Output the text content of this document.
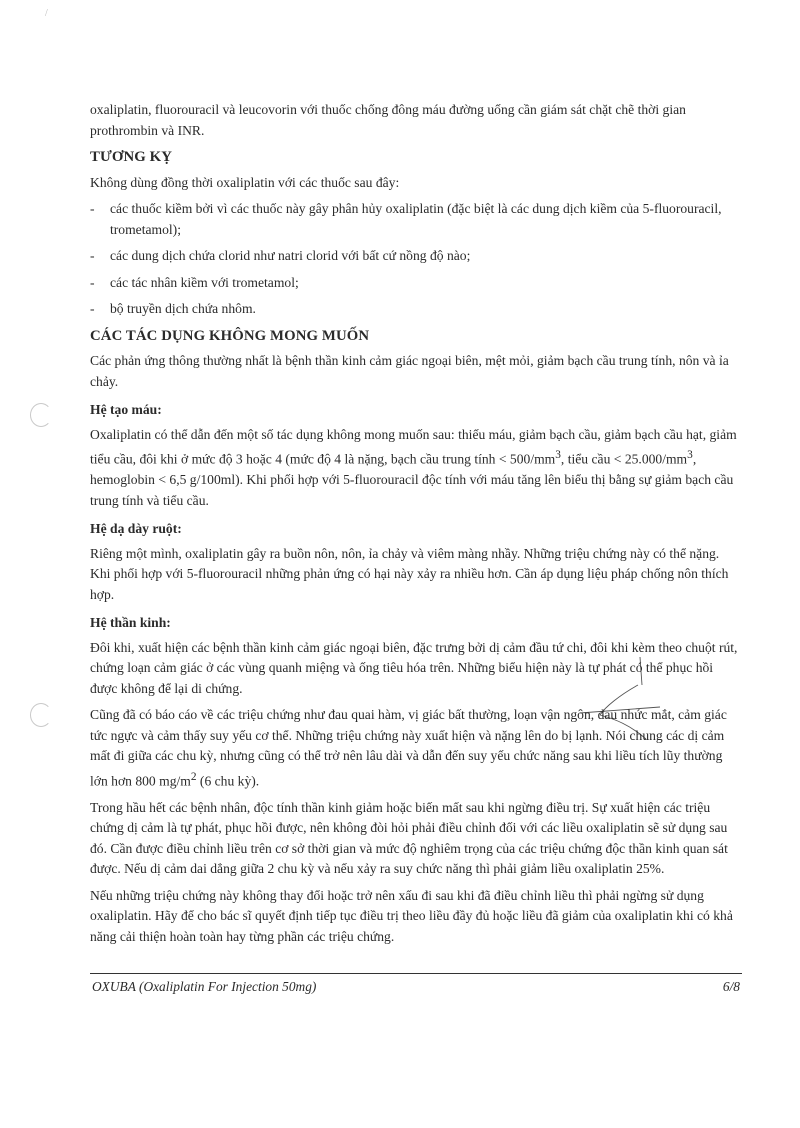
/

oxaliplatin, fluorouracil và leucovorin với thuốc chống đông máu đường uống cần giám sát chặt chẽ thời gian prothrombin và INR.

TƯƠNG KỴ

Không dùng đồng thời oxaliplatin với các thuốc sau đây:

- các thuốc kiềm bởi vì các thuốc này gây phân hủy oxaliplatin (đặc biệt là các dung dịch kiềm của 5-fluorouracil, trometamol);
- các dung dịch chứa clorid như natri clorid với bất cứ nồng độ nào;
- các tác nhân kiềm với trometamol;
- bộ truyền dịch chứa nhôm.
CÁC TÁC DỤNG KHÔNG MONG MUỐN

Các phản ứng thông thường nhất là bệnh thần kinh cảm giác ngoại biên, mệt mỏi, giảm bạch cầu trung tính, nôn và ỉa chảy.

Hệ tạo máu:

Oxaliplatin có thể dẫn đến một số tác dụng không mong muốn sau: thiếu máu, giảm bạch cầu, giảm bạch cầu hạt, giảm tiểu cầu, đôi khi ở mức độ 3 hoặc 4 (mức độ 4 là nặng, bạch cầu trung tính < $500/mm^3$, tiểu cầu < $25.000/mm^3$, hemoglobin < 6,5 g/100ml). Khi phối hợp với 5-fluorouracil độc tính với máu tăng lên biểu thị bằng sự giảm bạch cầu trung tính và tiểu cầu.

Hệ dạ dày ruột:

Riêng một mình, oxaliplatin gây ra buồn nôn, nôn, ỉa chảy và viêm màng nhầy. Những triệu chứng này có thể nặng. Khi phối hợp với 5-fluorouracil những phản ứng có hại này xảy ra nhiều hơn. Cần áp dụng liệu pháp chống nôn thích hợp.

Hệ thần kinh:

Đôi khi, xuất hiện các bệnh thần kinh cảm giác ngoại biên, đặc trưng bởi dị cảm đầu tứ chi, đôi khi kèm theo chuột rút, chứng loạn cảm giác ở các vùng quanh miệng và ống tiêu hóa trên. Những biểu hiện này là tự phát có thể phục hồi được không để lại di chứng.

Cũng đã có báo cáo về các triệu chứng như đau quai hàm, vị giác bất thường, loạn vận ngôn, đau nhức mắt, cảm giác tức ngực và cảm thấy suy yếu cơ thể. Những triệu chứng này xuất hiện và nặng lên do bị lạnh. Nói chung các dị cảm mất đi giữa các chu kỳ, nhưng cũng có thể trở nên lâu dài và dẫn đến suy yếu chức năng sau khi liều tích lũy thường lớn hơn 800 $mg/m^2$ (6 chu kỳ).

Trong hầu hết các bệnh nhân, độc tính thần kinh giảm hoặc biến mất sau khi ngừng điều trị. Sự xuất hiện các triệu chứng dị cảm là tự phát, phục hồi được, nên không đòi hỏi phải điều chỉnh đối với các liều oxaliplatin sẽ sử dụng sau đó. Cần được điều chỉnh liều trên cơ sở thời gian và mức độ nghiêm trọng của các triệu chứng độc thần kinh quan sát được. Nếu dị cảm dai dẳng giữa 2 chu kỳ và nếu xảy ra suy chức năng thì phải giảm liều oxaliplatin 25%.

Nếu những triệu chứng này không thay đổi hoặc trở nên xấu đi sau khi đã điều chỉnh liều thì phải ngừng sử dụng oxaliplatin. Hãy để cho bác sĩ quyết định tiếp tục điều trị theo liều đầy đủ hoặc liều đã giảm của oxaliplatin khi có khả năng cải thiện hoàn toàn hay từng phần các triệu chứng.

OXUBA (Oxaliplatin For Injection 50mg)	6/8
